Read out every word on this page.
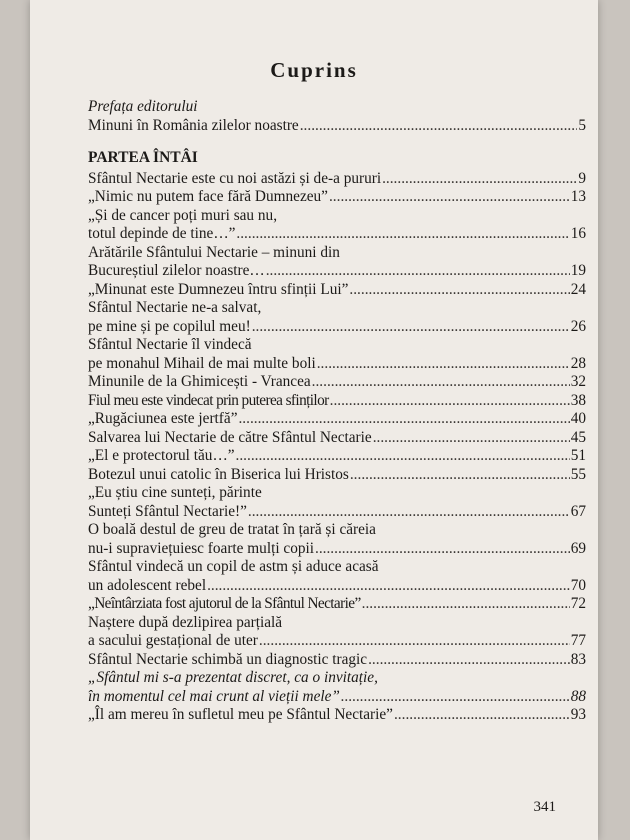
Cuprins
Prefața editorului
Minuni în România zilelor noastre .....	5
PARTEA ÎNTÂI
Sfântul Nectarie este cu noi astăzi și de-a pururi .....	9
„Nimic nu putem face fără Dumnezeu” .....	13
„Și de cancer poți muri sau nu,
totul depinde de tine…” .....	16
Arătările Sfântului Nectarie – minuni din
Bucureștiul zilelor noastre… .....	19
„Minunat este Dumnezeu întru sfinții Lui” .....	24
Sfântul Nectarie ne-a salvat,
pe mine și pe copilul meu! .....	26
Sfântul Nectarie îl vindecă
pe monahul Mihail de mai multe boli .....	28
Minunile de la Ghimicești - Vrancea .....	32
Fiul meu este vindecat prin puterea sfinților .....	38
„Rugăciunea este jertfă” .....	40
Salvarea lui Nectarie de către Sfântul Nectarie .....	45
„El e protectorul tău…” .....	51
Botezul unui catolic în Biserica lui Hristos .....	55
„Eu știu cine sunteți, părinte
Sunteți Sfântul Nectarie!” .....	67
O boală destul de greu de tratat în țară și căreia
nu-i supraviețuiesc foarte mulți copii .....	69
Sfântul vindecă un copil de astm și aduce acasă
un adolescent rebel .....	70
„Neîntârziata fost ajutorul de la Sfântul Nectarie” .....	72
Naștere după dezlipirea parțială
a sacului gestațional de uter .....	77
Sfântul Nectarie schimbă un diagnostic tragic .....	83
„Sfântul mi s-a prezentat discret, ca o invitație,
în momentul cel mai crunt al vieții mele” .....	88
„Îl am mereu în sufletul meu pe Sfântul Nectarie” .....	93
341
